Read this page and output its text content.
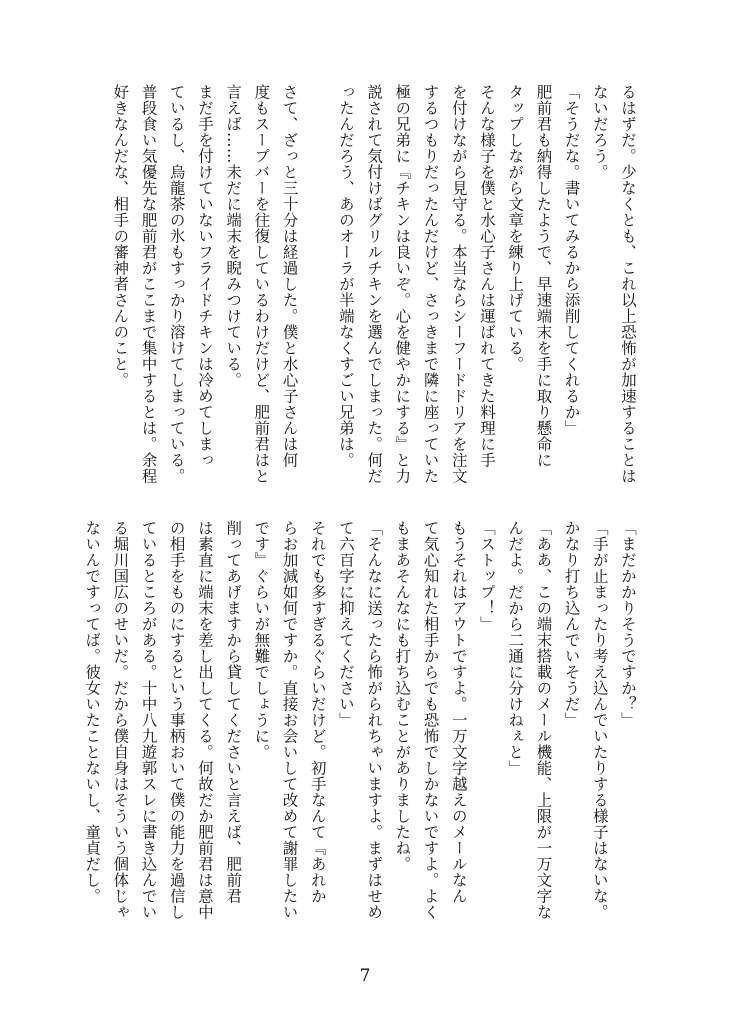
るはずだ。少なくとも、これ以上恐怖が加速することは
ないだろう。
「そうだな。書いてみるから添削してくれるか」
肥前君も納得したようで、早速端末を手に取り懸命に
タップしながら文章を練り上げている。
そんな様子を僕と水心子さんは運ばれてきた料理に手
を付けながら見守る。本当ならシーフードドリアを注文
するつもりだったんだけど、さっきまで隣に座っていた
極の兄弟に『チキンは良いぞ。心を健やかにする』と力
説されて気付けばグリルチキンを選んでしまった。何だ
ったんだろう、あのオーラが半端なくすごい兄弟は。
さて、ざっと三十分は経過した。僕と水心子さんは何
度もスープバーを往復しているわけだけど、肥前君はと
言えば……未だに端末を睨みつけている。
まだ手を付けていないフライドチキンは冷めてしまっ
ているし、烏龍茶の氷もすっかり溶けてしまっている。
普段食い気優先な肥前君がここまで集中するとは。余程
好きなんだな、相手の審神者さんのこと。
「まだかかりそうですか？」
「手が止まったり考え込んでいたりする様子はないな。
かなり打ち込んでいそうだ」
「ああ、この端末搭載のメール機能、上限が一万文字な
んだよ。だから二通に分けねぇと」
「ストップ！」
もうそれはアウトですよ。一万文字越えのメールなん
て気心知れた相手からでも恐怖でしかないですよ。よく
もまあそんなにも打ち込むことがありましたね。
「そんなに送ったら怖がられちゃいますよ。まずはせめ
て六百字に抑えてください」
それでも多すぎるぐらいだけど。初手なんて『あれか
らお加減如何ですか。直接お会いして改めて謝罪したい
です』ぐらいが無難でしょうに。
削ってあげますから貸してくださいと言えば、肥前君
は素直に端末を差し出してくる。何故だか肥前君は意中
の相手をものにするという事柄おいて僕の能力を過信し
ているところがある。十中八九遊郭スレに書き込んでい
る堀川国広のせいだ。だから僕自身はそういう個体じゃ
ないんですってば。彼女いたことないし、童貞だし。
7
